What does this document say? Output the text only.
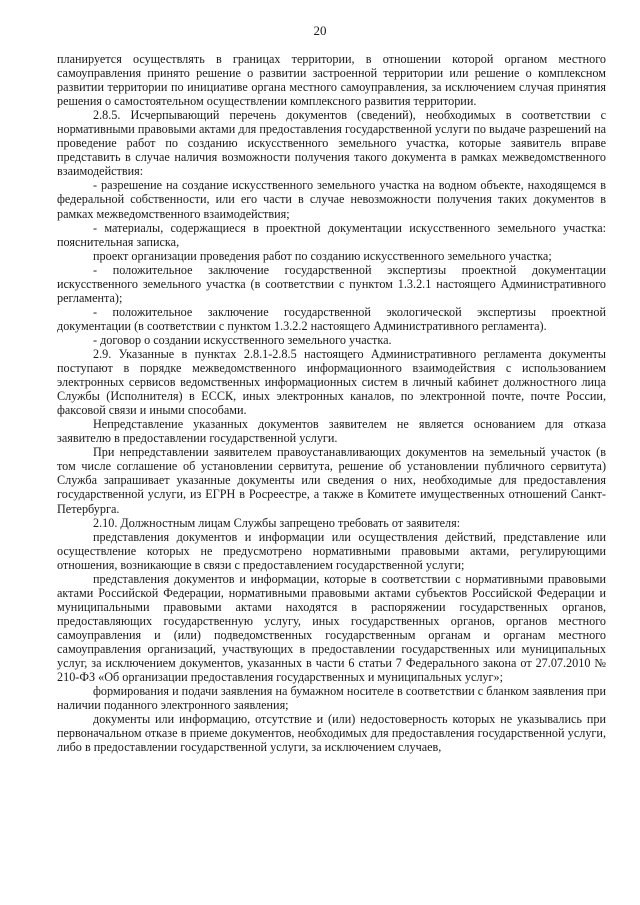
20

планируется осуществлять в границах территории, в отношении которой органом местного самоуправления принято решение о развитии застроенной территории или решение о комплексном развитии территории по инициативе органа местного самоуправления, за исключением случая принятия решения о самостоятельном осуществлении комплексного развития территории.

2.8.5. Исчерпывающий перечень документов (сведений), необходимых в соответствии с нормативными правовыми актами для предоставления государственной услуги по выдаче разрешений на проведение работ по созданию искусственного земельного участка, которые заявитель вправе представить в случае наличия возможности получения такого документа в рамках межведомственного взаимодействия:

- разрешение на создание искусственного земельного участка на водном объекте, находящемся в федеральной собственности, или его части в случае невозможности получения таких документов в рамках межведомственного взаимодействия;

- материалы, содержащиеся в проектной документации искусственного земельного участка: пояснительная записка,

проект организации проведения работ по созданию искусственного земельного участка;

- положительное заключение государственной экспертизы проектной документации искусственного земельного участка (в соответствии с пунктом 1.3.2.1 настоящего Административного регламента);

- положительное заключение государственной экологической экспертизы проектной документации (в соответствии с пунктом 1.3.2.2 настоящего Административного регламента).

- договор о создании искусственного земельного участка.

2.9. Указанные в пунктах 2.8.1-2.8.5 настоящего Административного регламента документы поступают в порядке межведомственного информационного взаимодействия с использованием электронных сервисов ведомственных информационных систем в личный кабинет должностного лица Службы (Исполнителя) в ЕССК, иных электронных каналов, по электронной почте, почте России, факсовой связи и иными способами.

Непредставление указанных документов заявителем не является основанием для отказа заявителю в предоставлении государственной услуги.

При непредставлении заявителем правоустанавливающих документов на земельный участок (в том числе соглашение об установлении сервитута, решение об установлении публичного сервитута) Служба запрашивает указанные документы или сведения о них, необходимые для предоставления государственной услуги, из ЕГРН в Росреестре, а также в Комитете имущественных отношений Санкт-Петербурга.

2.10. Должностным лицам Службы запрещено требовать от заявителя:

представления документов и информации или осуществления действий, представление или осуществление которых не предусмотрено нормативными правовыми актами, регулирующими отношения, возникающие в связи с предоставлением государственной услуги;

представления документов и информации, которые в соответствии с нормативными правовыми актами Российской Федерации, нормативными правовыми актами субъектов Российской Федерации и муниципальными правовыми актами находятся в распоряжении государственных органов, предоставляющих государственную услугу, иных государственных органов, органов местного самоуправления и (или) подведомственных государственным органам и органам местного самоуправления организаций, участвующих в предоставлении государственных или муниципальных услуг, за исключением документов, указанных в части 6 статьи 7 Федерального закона от 27.07.2010 № 210-ФЗ «Об организации предоставления государственных и муниципальных услуг»;

формирования и подачи заявления на бумажном носителе в соответствии с бланком заявления при наличии поданного электронного заявления;

документы или информацию, отсутствие и (или) недостоверность которых не указывались при первоначальном отказе в приеме документов, необходимых для предоставления государственной услуги, либо в предоставлении государственной услуги, за исключением случаев,
